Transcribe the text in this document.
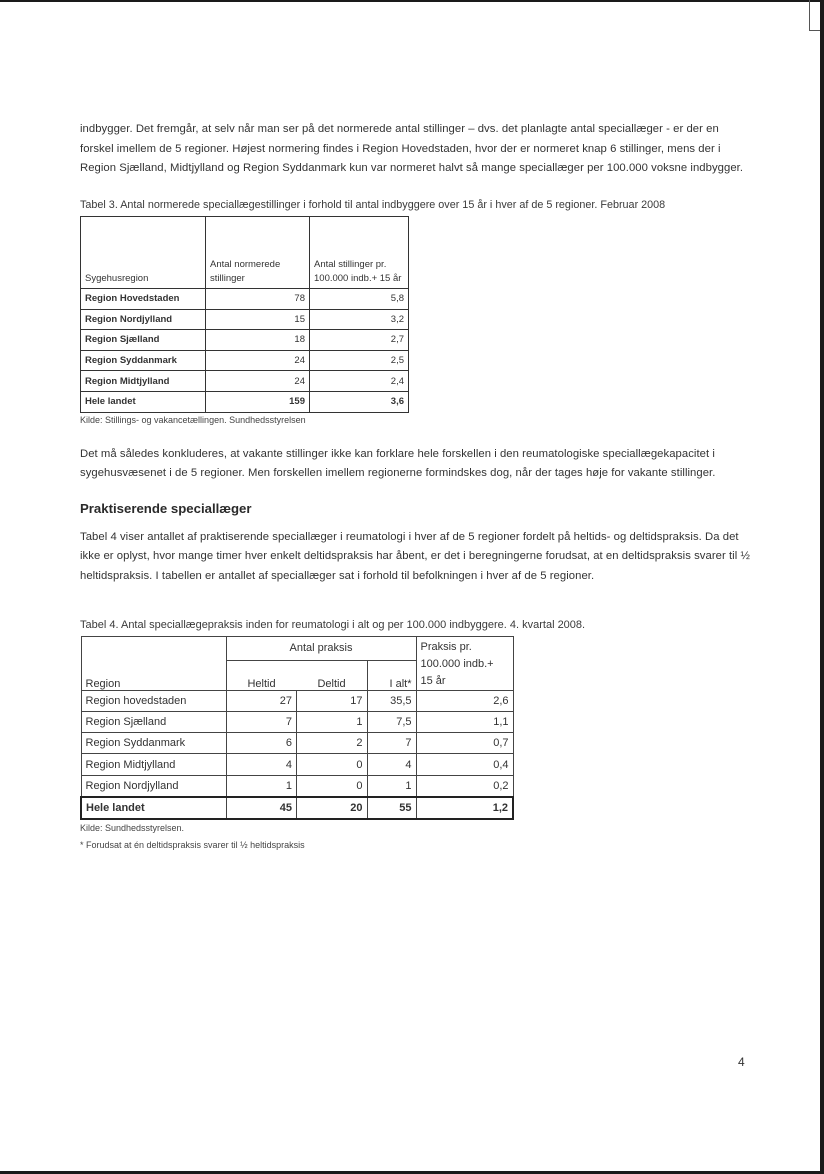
indbygger. Det fremgår, at selv når man ser på det normerede antal stillinger – dvs. det planlagte antal speciallæger - er der en forskel imellem de 5 regioner. Højest normering findes i Region Hovedstaden, hvor der er normeret knap 6 stillinger, mens der i Region Sjælland, Midtjylland og Region Syddanmark kun var normeret halvt så mange speciallæger per 100.000 voksne indbygger.

Tabel 3. Antal normerede speciallægestillinger i forhold til antal indbyggere over 15 år i hver af de 5 regioner. Februar 2008

Sygehusregion	Antal normerede stillinger	Antal stillinger pr. 100.000 indb.+ 15 år
Region Hovedstaden	78	5,8
Region Nordjylland	15	3,2
Region Sjælland	18	2,7
Region Syddanmark	24	2,5
Region Midtjylland	24	2,4
Hele landet	159	3,6

Kilde: Stillings- og vakancetællingen. Sundhedsstyrelsen

Det må således konkluderes, at vakante stillinger ikke kan forklare hele forskellen i den reumatologiske speciallægekapacitet i sygehusvæsenet i de 5 regioner. Men forskellen imellem regionerne formindskes dog, når der tages høje for vakante stillinger.

Praktiserende speciallæger

Tabel 4 viser antallet af praktiserende speciallæger i reumatologi i hver af de 5 regioner fordelt på heltids- og deltidspraksis. Da det ikke er oplyst, hvor mange timer hver enkelt deltidspraksis har åbent, er det i beregningerne forudsat, at en deltidspraksis svarer til ½ heltidspraksis. I tabellen er antallet af speciallæger sat i forhold til befolkningen i hver af de 5 regioner.

Tabel 4. Antal speciallægepraksis inden for reumatologi i alt og per 100.000 indbyggere. 4. kvartal 2008.

	Antal praksis			Praksis pr. 100.000 indb.+ 15 år
Region	Heltid	Deltid	I alt*	
Region hovedstaden	27	17	35,5	2,6
Region Sjælland	7	1	7,5	1,1
Region Syddanmark	6	2	7	0,7
Region Midtjylland	4	0	4	0,4
Region Nordjylland	1	0	1	0,2
Hele landet	45	20	55	1,2

Kilde: Sundhedsstyrelsen.

* Forudsat at én deltidspraksis svarer til ½ heltidspraksis

4
